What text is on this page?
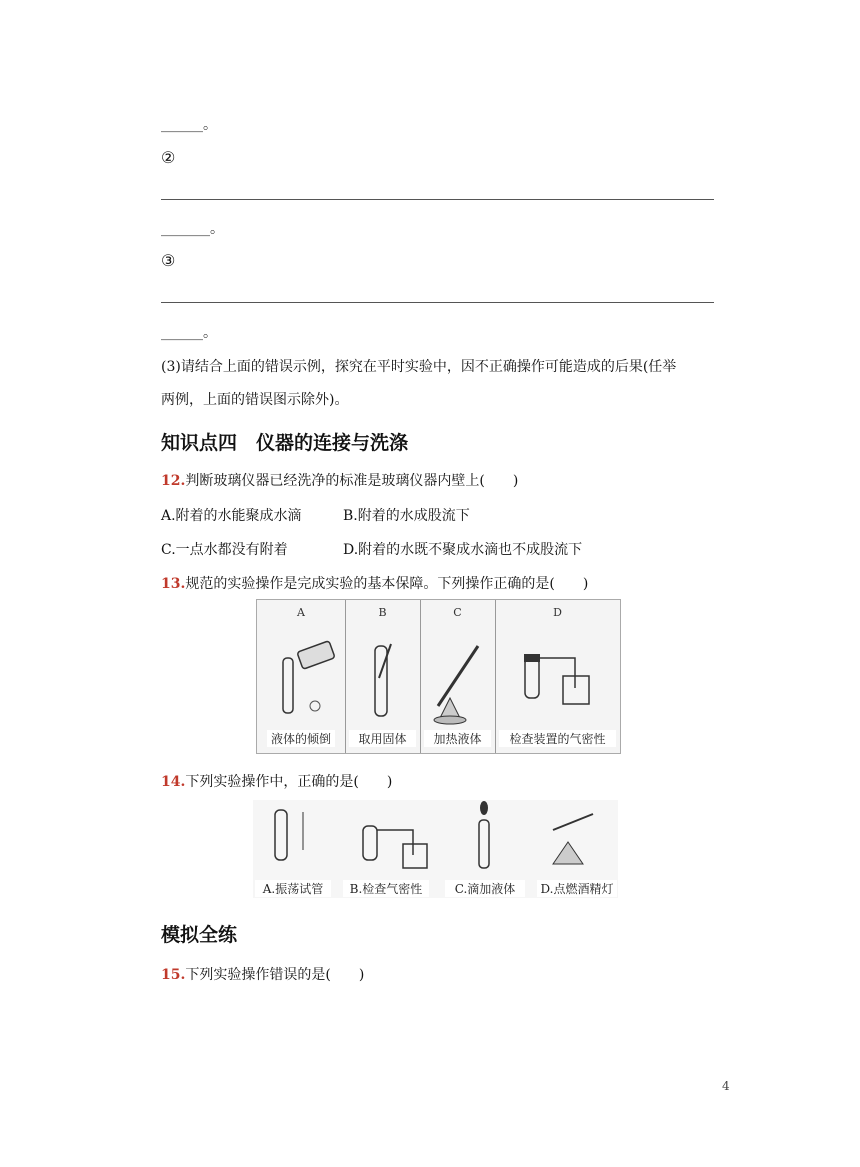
______。
②
_______。
③
______。
(3)请结合上面的错误示例，探究在平时实验中，因不正确操作可能造成的后果(任举
两例，上面的错误图示除外)。
知识点四　仪器的连接与洗涤
12.判断玻璃仪器已经洗净的标准是玻璃仪器内壁上(　　)
A.附着的水能聚成水滴	B.附着的水成股流下
C.一点水都没有附着	D.附着的水既不聚成水滴也不成股流下
13.规范的实验操作是完成实验的基本保障。下列操作正确的是(　　)
A
液体的倾倒
B
取用固体
C
加热液体
D
检查装置的气密性
14.下列实验操作中，正确的是(　　)
A.振荡试管	B.检查气密性	C.滴加液体	D.点燃酒精灯
模拟全练
15.下列实验操作错误的是(　　)
4
